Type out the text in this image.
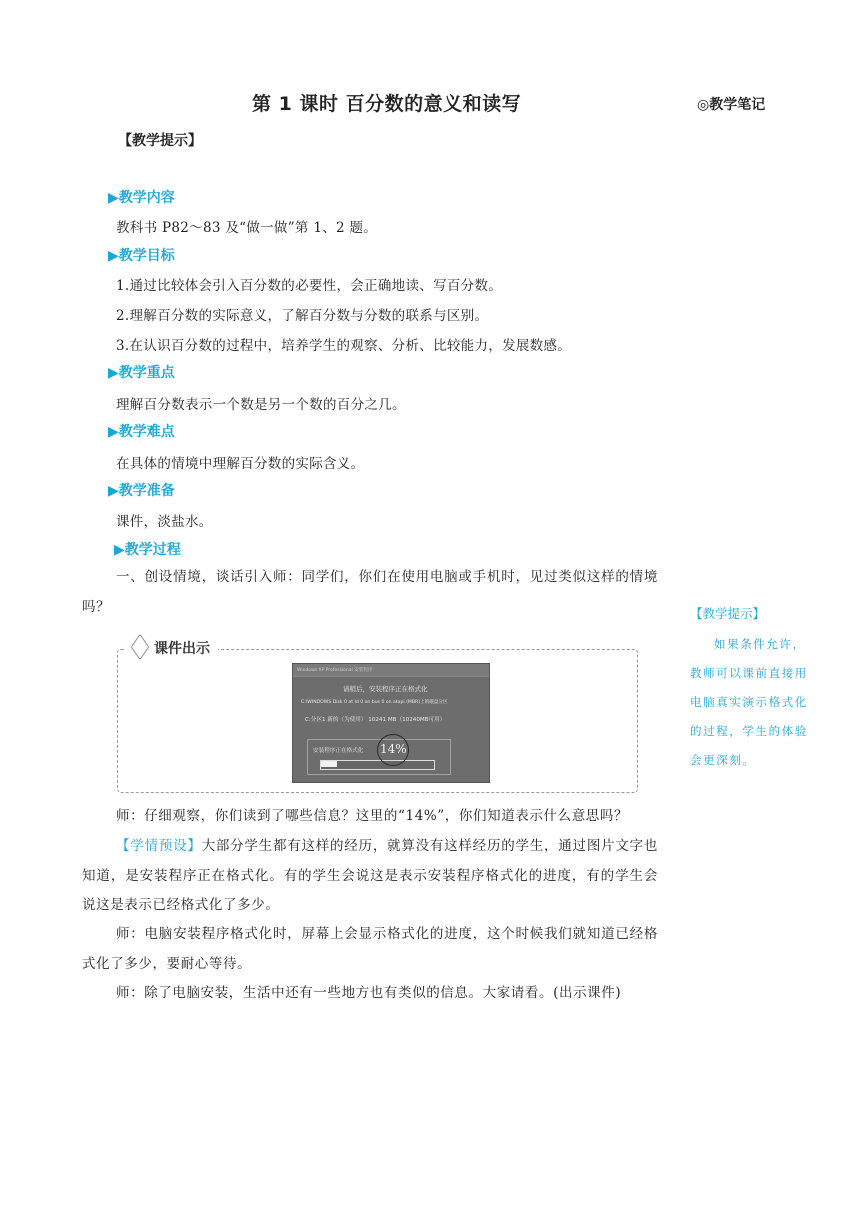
第 1 课时 百分数的意义和读写	◎教学笔记
【教学提示】
▶教学内容
教科书 P82～83 及“做一做”第 1、2 题。
▶教学目标
1.通过比较体会引入百分数的必要性，会正确地读、写百分数。
2.理解百分数的实际意义，了解百分数与分数的联系与区别。
3.在认识百分数的过程中，培养学生的观察、分析、比较能力，发展数感。
▶教学重点
理解百分数表示一个数是另一个数的百分之几。
▶教学难点
在具体的情境中理解百分数的实际含义。
▶教学准备
课件，淡盐水。
▶教学过程
一、创设情境，谈话引入师：同学们，你们在使用电脑或手机时，见过类似这样的情境吗？
课件出示
Windows XP Professional 安装程序
请稍后，安装程序正在格式化
C:\WINDOWS Disk 0 at Id 0 on bus 0 on atapi (MBR)上的磁盘分区
C:分区1 新的（为使用） 10241 MB（10240MB可用）
安装程序正在格式化 14%
师：仔细观察，你们读到了哪些信息？这里的“14%”，你们知道表示什么意思吗？
【学情预设】大部分学生都有这样的经历，就算没有这样经历的学生，通过图片文字也知道，是安装程序正在格式化。有的学生会说这是表示安装程序格式化的进度，有的学生会说这是表示已经格式化了多少。
师：电脑安装程序格式化时，屏幕上会显示格式化的进度，这个时候我们就知道已经格式化了多少，要耐心等待。
师：除了电脑安装，生活中还有一些地方也有类似的信息。大家请看。(出示课件)
【教学提示】
如果条件允许，教师可以课前直接用电脑真实演示格式化的过程，学生的体验会更深刻。
